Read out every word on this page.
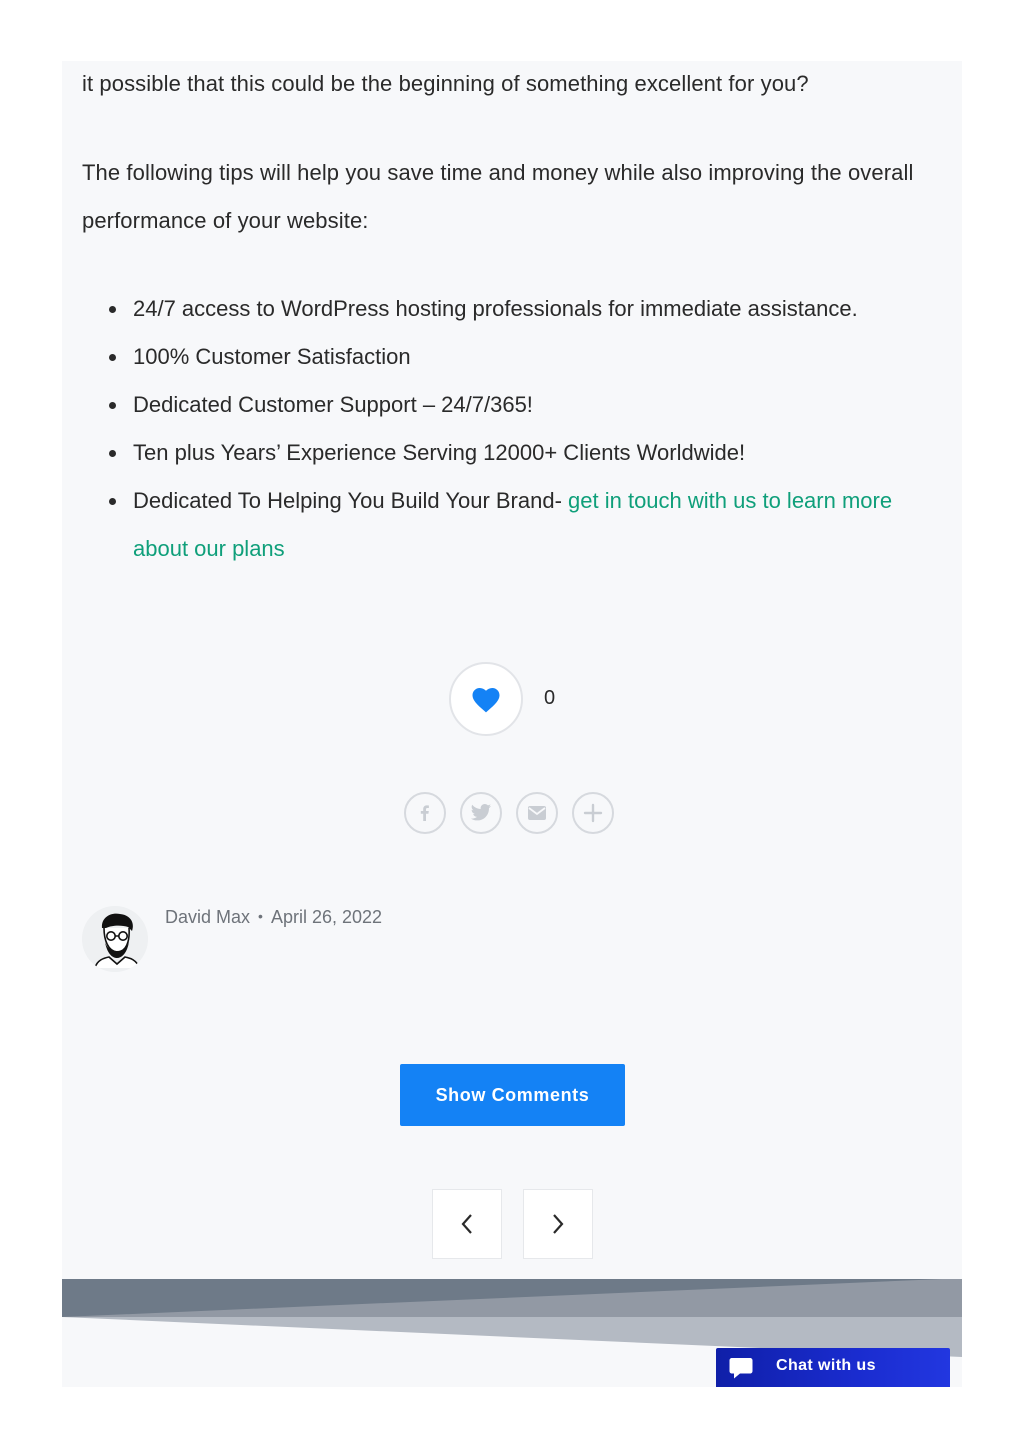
it possible that this could be the beginning of something excellent for you?

The following tips will help you save time and money while also improving the overall performance of your website:

24/7 access to WordPress hosting professionals for immediate assistance.
100% Customer Satisfaction
Dedicated Customer Support – 24/7/365!
Ten plus Years’ Experience Serving 12000+ Clients Worldwide!
Dedicated To Helping You Build Your Brand- get in touch with us to learn more about our plans
0
David Max • April 26, 2022
Show Comments
Chat with us
